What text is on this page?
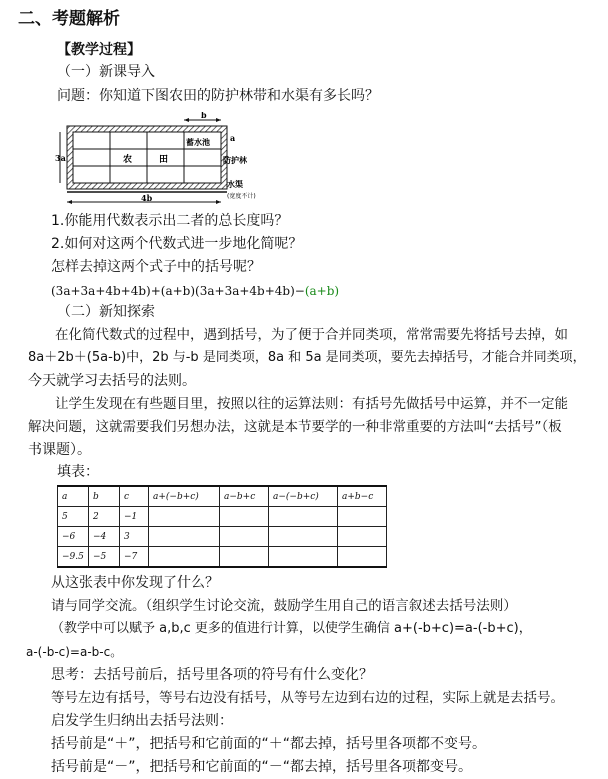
二、考题解析
【教学过程】
（一）新课导入
问题：你知道下图农田的防护林带和水渠有多长吗？
b
a
3a
4b
农	田
蓄水池
防护林
水渠
(宽度不计)
1.你能用代数表示出二者的总长度吗？
2.如何对这两个代数式进一步地化简呢？
怎样去掉这两个式子中的括号呢？
(3a+3a+4b+4b)+(a+b)(3a+3a+4b+4b)−(a+b)
（二）新知探索
在化简代数式的过程中，遇到括号，为了便于合并同类项，常常需要先将括号去掉，如
8a＋2b＋(5a-b)中，2b 与-b 是同类项，8a 和 5a 是同类项，要先去掉括号，才能合并同类项，
今天就学习去括号的法则。
让学生发现在有些题目里，按照以往的运算法则：有括号先做括号中运算，并不一定能
解决问题，这就需要我们另想办法，这就是本节要学的一种非常重要的方法叫“去括号”（板
书课题）。
填表：
a	b	c	a+(−b+c)	a−b+c	a−(−b+c)	a+b−c
5	2	−1				
−6	−4	3				
−9.5	−5	−7				
从这张表中你发现了什么？
请与同学交流。（组织学生讨论交流，鼓励学生用自己的语言叙述去括号法则）
（教学中可以赋予 a,b,c 更多的值进行计算，以使学生确信 a+(-b+c)=a-(-b+c)，
a-(-b-c)=a-b-c。
思考：去括号前后，括号里各项的符号有什么变化？
等号左边有括号，等号右边没有括号，从等号左边到右边的过程，实际上就是去括号。
启发学生归纳出去括号法则：
括号前是“＋”，把括号和它前面的“＋“都去掉，括号里各项都不变号。
括号前是“－”，把括号和它前面的“－“都去掉，括号里各项都变号。
